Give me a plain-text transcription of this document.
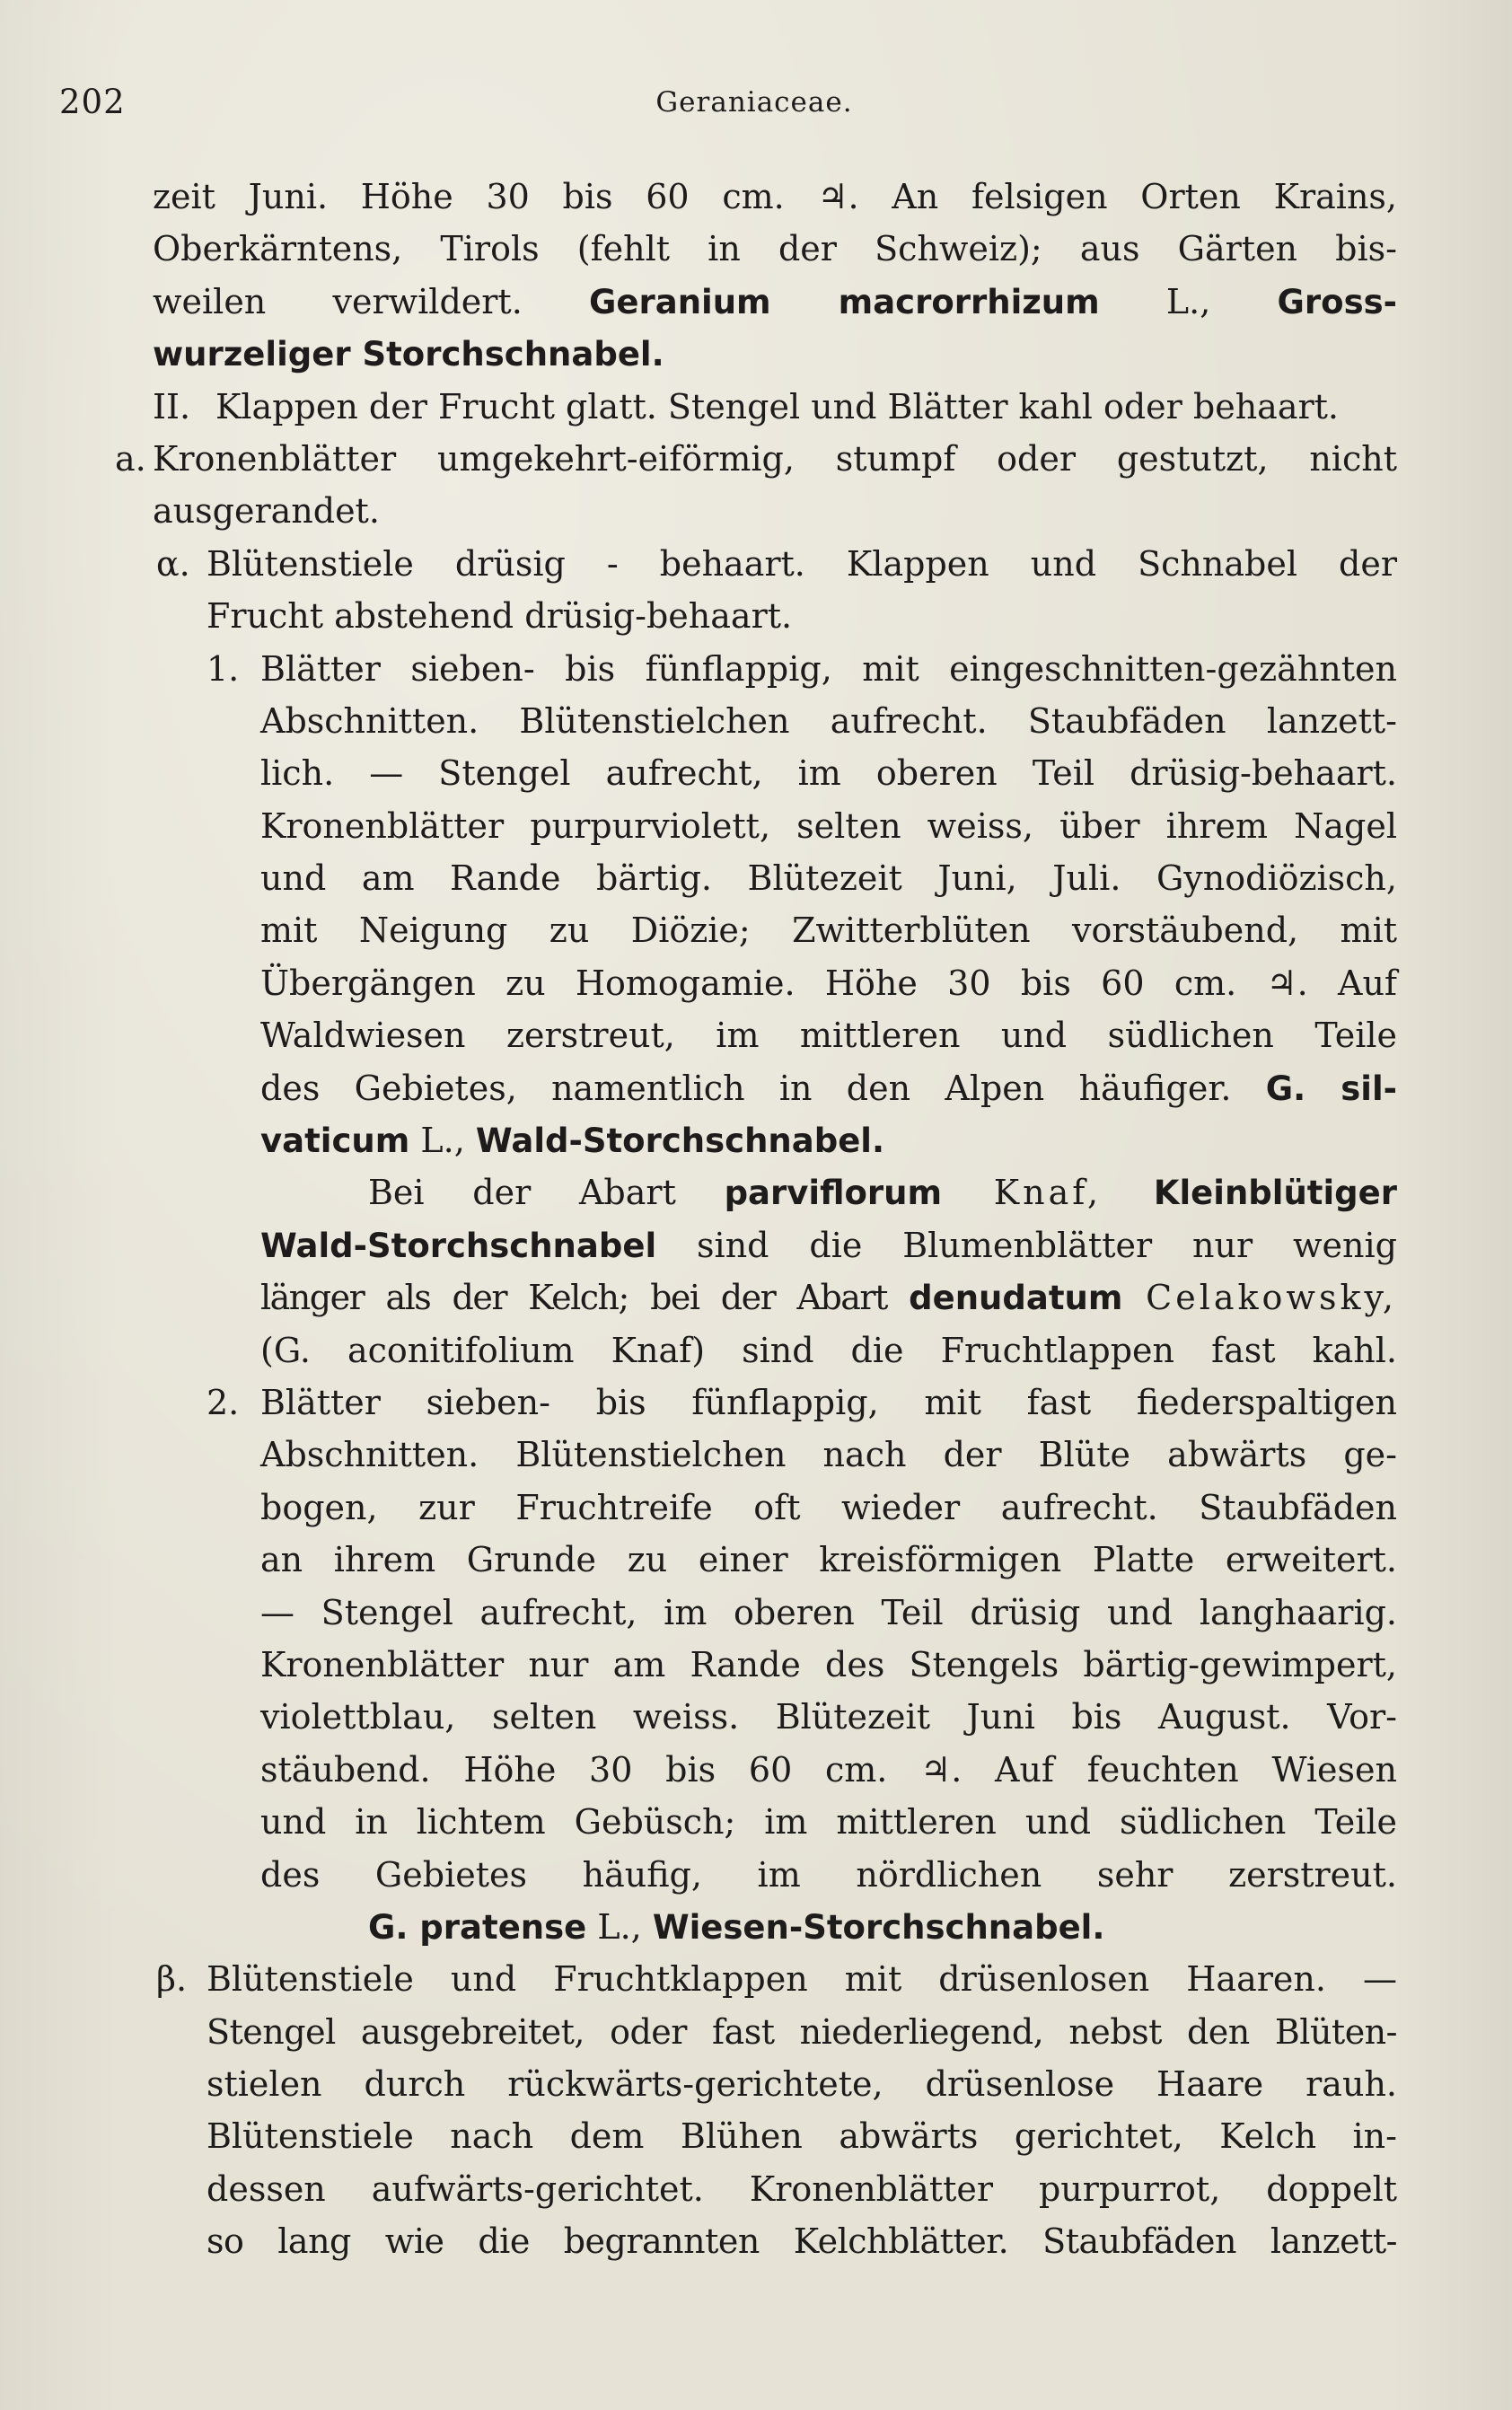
202	Geraniaceae.
zeit Juni. Höhe 30 bis 60 cm. ♃. An felsigen Orten Krains,
Oberkärntens, Tirols (fehlt in der Schweiz); aus Gärten bis-
weilen verwildert. Geranium macrorrhizum L., Gross-
wurzeliger Storchschnabel.
II. Klappen der Frucht glatt. Stengel und Blätter kahl oder behaart.
a. Kronenblätter umgekehrt-eiförmig, stumpf oder gestutzt, nicht
ausgerandet.
α. Blütenstiele drüsig - behaart. Klappen und Schnabel der
Frucht abstehend drüsig-behaart.
1. Blätter sieben- bis fünflappig, mit eingeschnitten-gezähnten
Abschnitten. Blütenstielchen aufrecht. Staubfäden lanzett-
lich. — Stengel aufrecht, im oberen Teil drüsig-behaart.
Kronenblätter purpurviolett, selten weiss, über ihrem Nagel
und am Rande bärtig. Blütezeit Juni, Juli. Gynodiözisch,
mit Neigung zu Diözie; Zwitterblüten vorstäubend, mit
Übergängen zu Homogamie. Höhe 30 bis 60 cm. ♃. Auf
Waldwiesen zerstreut, im mittleren und südlichen Teile
des Gebietes, namentlich in den Alpen häufiger. G. sil-
vaticum L., Wald-Storchschnabel.
Bei der Abart parviflorum Knaf, Kleinblütiger
Wald-Storchschnabel sind die Blumenblätter nur wenig
länger als der Kelch; bei der Abart denudatum Celakowsky,
(G. aconitifolium Knaf) sind die Fruchtlappen fast kahl.
2. Blätter sieben- bis fünflappig, mit fast fiederspaltigen
Abschnitten. Blütenstielchen nach der Blüte abwärts ge-
bogen, zur Fruchtreife oft wieder aufrecht. Staubfäden
an ihrem Grunde zu einer kreisförmigen Platte erweitert.
— Stengel aufrecht, im oberen Teil drüsig und langhaarig.
Kronenblätter nur am Rande des Stengels bärtig-gewimpert,
violettblau, selten weiss. Blütezeit Juni bis August. Vor-
stäubend. Höhe 30 bis 60 cm. ♃. Auf feuchten Wiesen
und in lichtem Gebüsch; im mittleren und südlichen Teile
des Gebietes häufig, im nördlichen sehr zerstreut.
G. pratense L., Wiesen-Storchschnabel.
β. Blütenstiele und Fruchtklappen mit drüsenlosen Haaren. —
Stengel ausgebreitet, oder fast niederliegend, nebst den Blüten-
stielen durch rückwärts-gerichtete, drüsenlose Haare rauh.
Blütenstiele nach dem Blühen abwärts gerichtet, Kelch in-
dessen aufwärts-gerichtet. Kronenblätter purpurrot, doppelt
so lang wie die begrannten Kelchblätter. Staubfäden lanzett-
